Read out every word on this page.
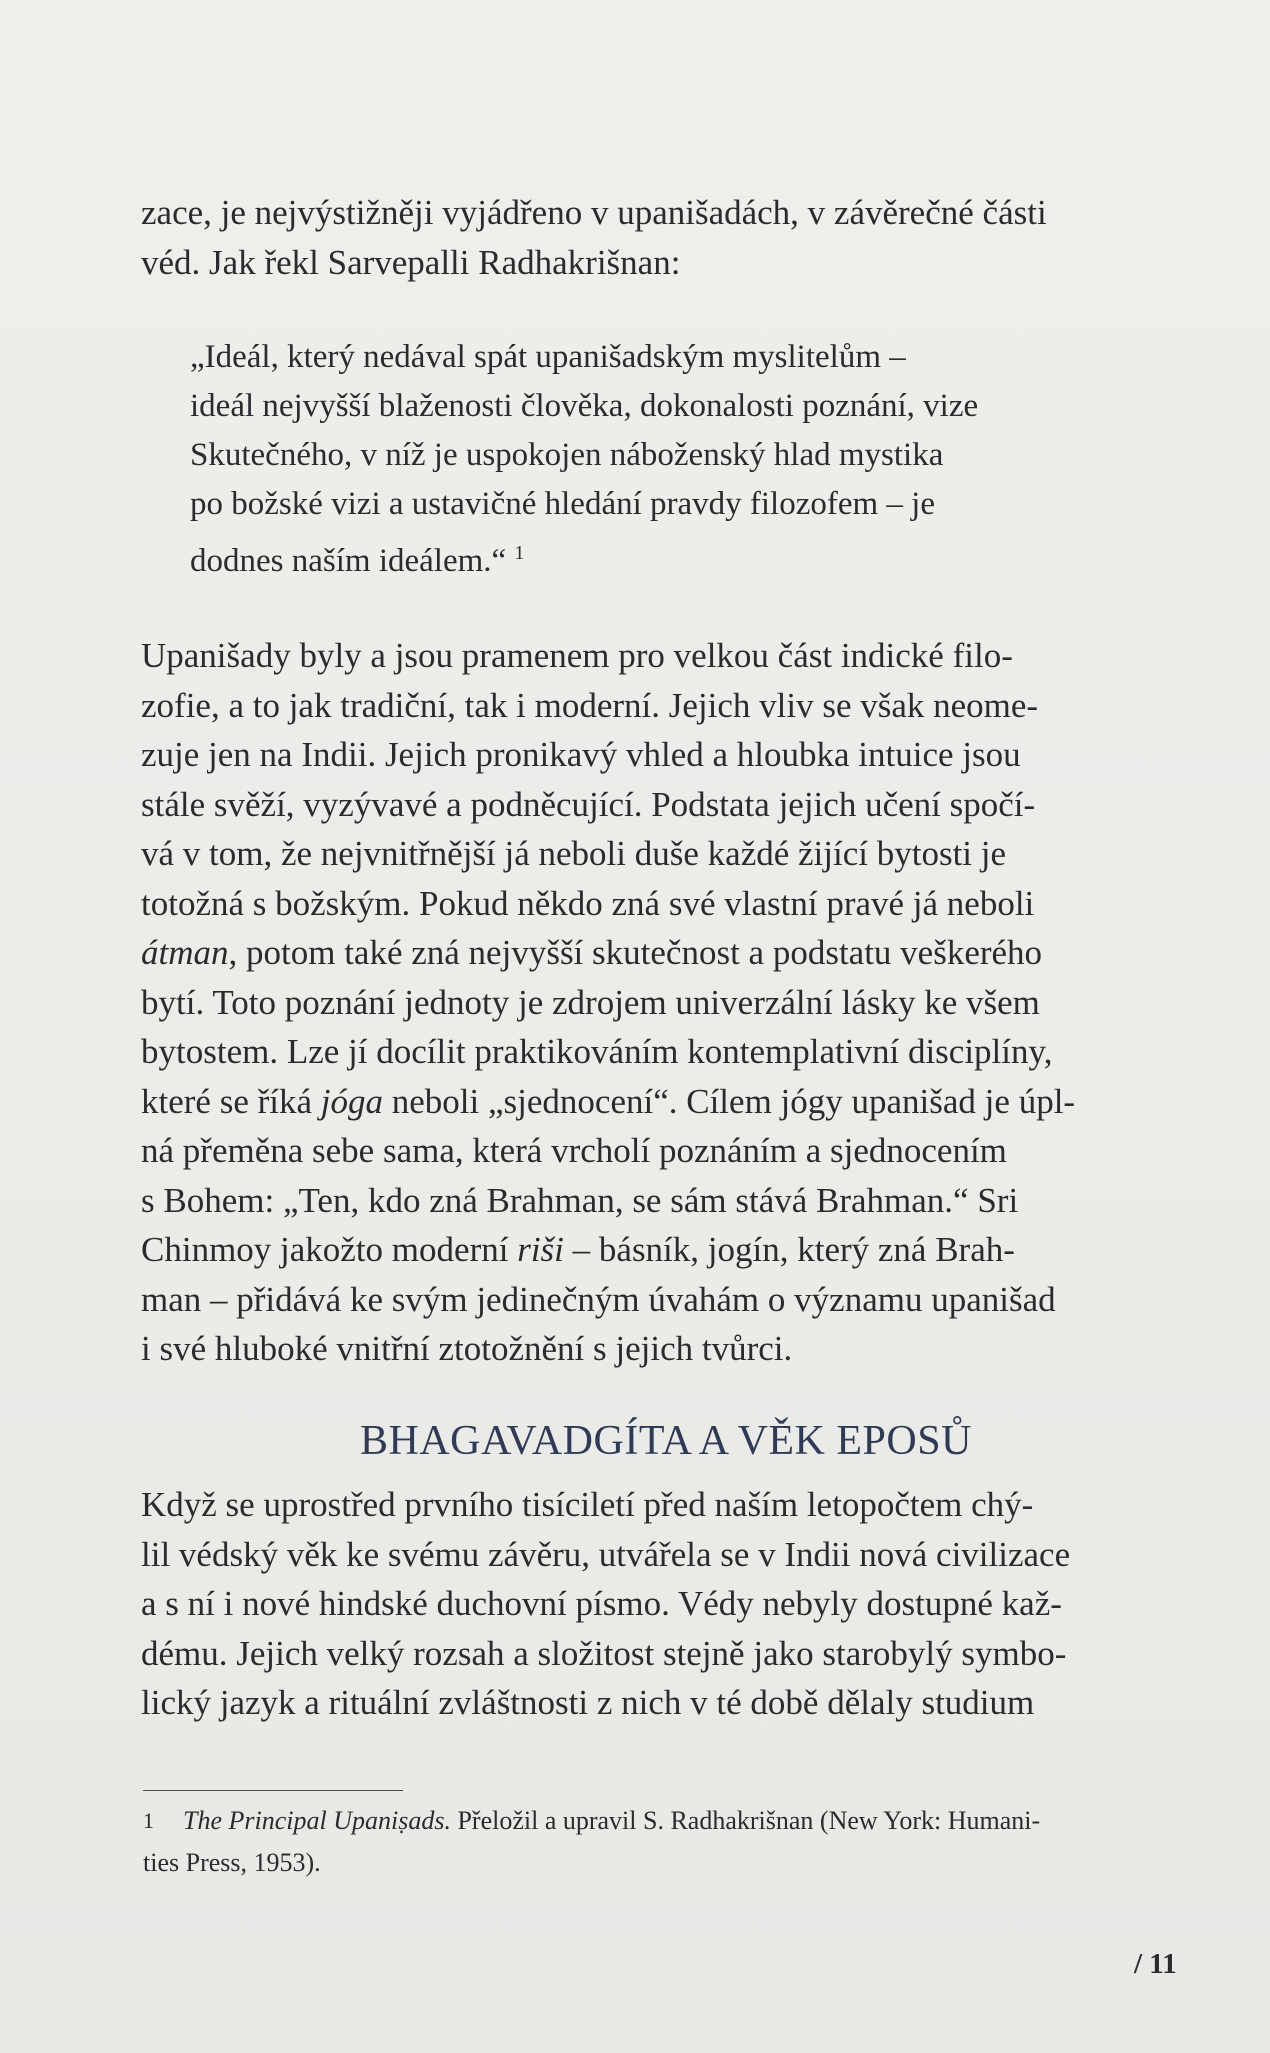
zace, je nejvýstižněji vyjádřeno v upanišadách, v závěrečné části

véd. Jak řekl Sarvepalli Radhakrišnan:

„Ideál, který nedával spát upanišadským myslitelům –

ideál nejvyšší blaženosti člověka, dokonalosti poznání, vize

Skutečného, v níž je uspokojen náboženský hlad mystika

po božské vizi a ustavičné hledání pravdy filozofem – je

dodnes naším ideálem.“ $^1$

Upanišady byly a jsou pramenem pro velkou část indické filo-

zofie, a to jak tradiční, tak i moderní. Jejich vliv se však neome-

zuje jen na Indii. Jejich pronikavý vhled a hloubka intuice jsou

stále svěží, vyzývavé a podněcující. Podstata jejich učení spočí-

vá v tom, že nejvnitřnější já neboli duše každé žijící bytosti je

totožná s božským. Pokud někdo zná své vlastní pravé já neboli

átman, potom také zná nejvyšší skutečnost a podstatu veškerého

bytí. Toto poznání jednoty je zdrojem univerzální lásky ke všem

bytostem. Lze jí docílit praktikováním kontemplativní disciplíny,

které se říká jóga neboli „sjednocení“. Cílem jógy upanišad je úpl-

ná přeměna sebe sama, která vrcholí poznáním a sjednocením

s Bohem: „Ten, kdo zná Brahman, se sám stává Brahman.“ Sri

Chinmoy jakožto moderní riši – básník, jogín, který zná Brah-

man – přidává ke svým jedinečným úvahám o významu upanišad

i své hluboké vnitřní ztotožnění s jejich tvůrci.

BHAGAVADGÍTA A VĚK EPOSŮ

Když se uprostřed prvního tisíciletí před naším letopočtem chý-

lil védský věk ke svému závěru, utvářela se v Indii nová civilizace

a s ní i nové hindské duchovní písmo. Védy nebyly dostupné kaž-

dému. Jejich velký rozsah a složitost stejně jako starobylý symbo-

lický jazyk a rituální zvláštnosti z nich v té době dělaly studium

1 The Principal Upaniṣads. Přeložil a upravil S. Radhakrišnan (New York: Humani-

ties Press, 1953).

/ 11
